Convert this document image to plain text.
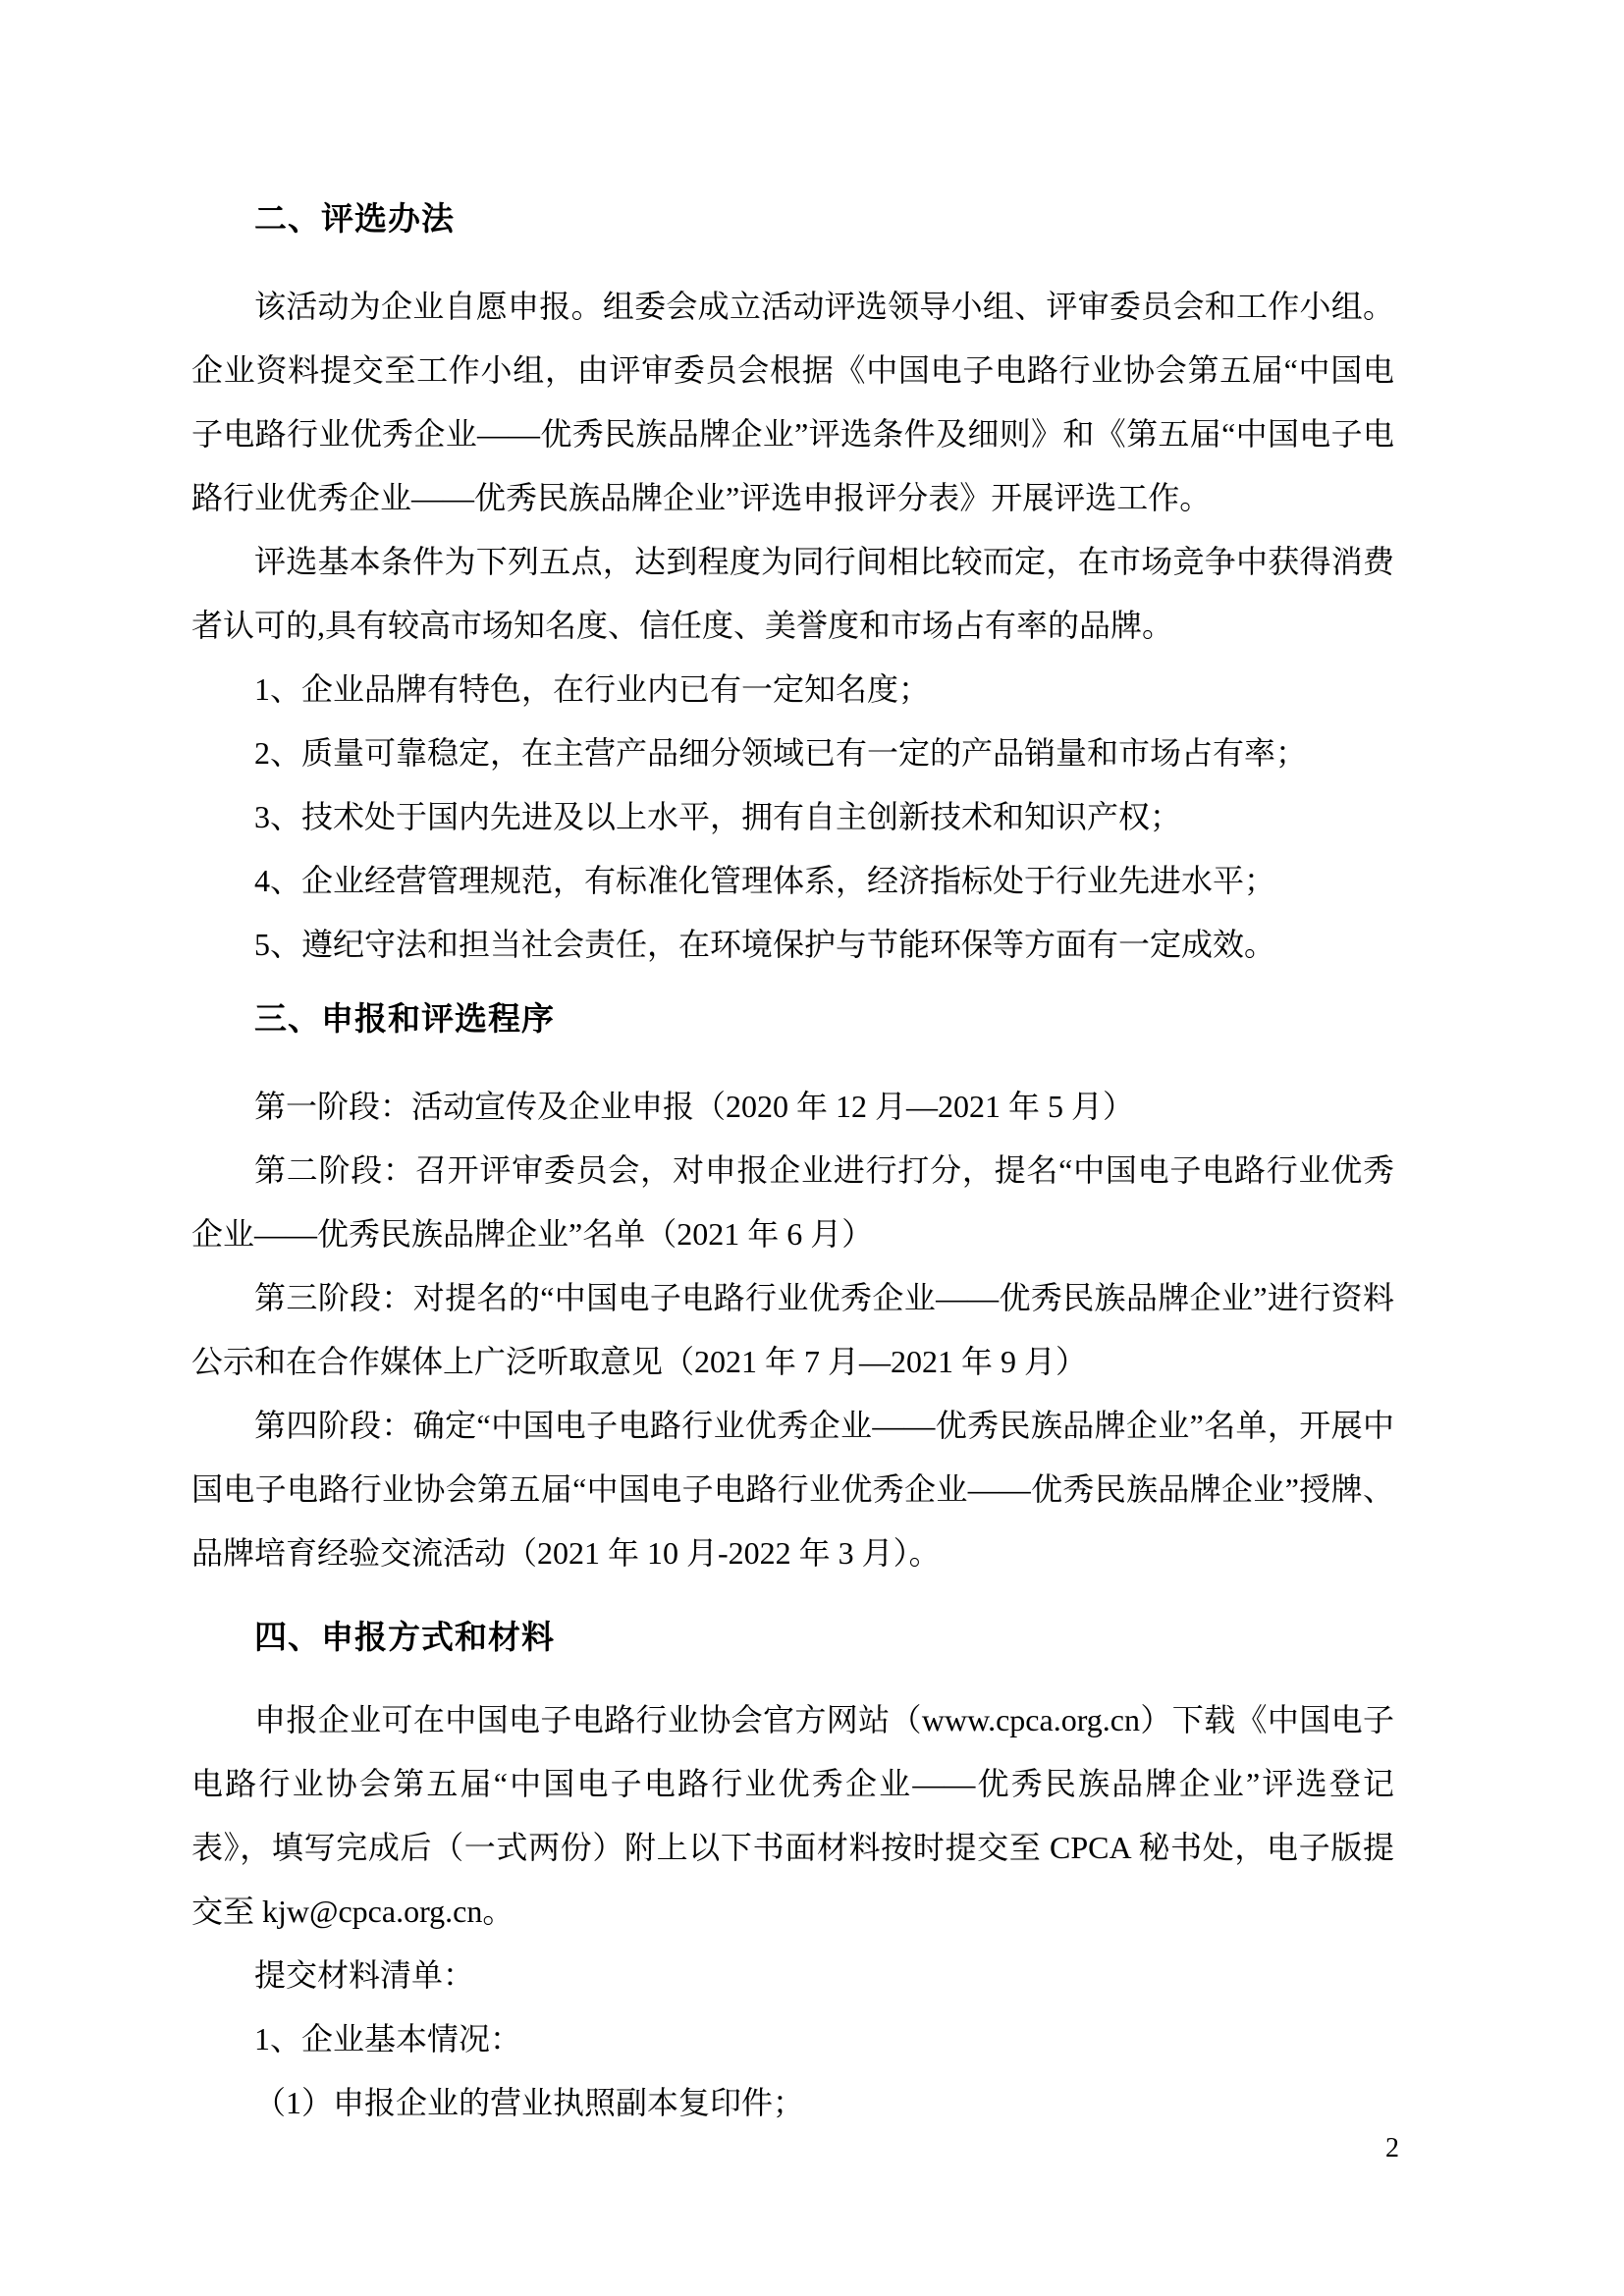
二、评选办法

该活动为企业自愿申报。组委会成立活动评选领导小组、评审委员会和工作小组。企业资料提交至工作小组，由评审委员会根据《中国电子电路行业协会第五届“中国电子电路行业优秀企业——优秀民族品牌企业”评选条件及细则》和《第五届“中国电子电路行业优秀企业——优秀民族品牌企业”评选申报评分表》开展评选工作。

评选基本条件为下列五点，达到程度为同行间相比较而定，在市场竞争中获得消费者认可的,具有较高市场知名度、信任度、美誉度和市场占有率的品牌。

1、企业品牌有特色，在行业内已有一定知名度；

2、质量可靠稳定，在主营产品细分领域已有一定的产品销量和市场占有率；

3、技术处于国内先进及以上水平，拥有自主创新技术和知识产权；

4、企业经营管理规范，有标准化管理体系，经济指标处于行业先进水平；

5、遵纪守法和担当社会责任，在环境保护与节能环保等方面有一定成效。

三、申报和评选程序

第一阶段：活动宣传及企业申报（2020 年 12 月—2021 年 5 月）

第二阶段：召开评审委员会，对申报企业进行打分，提名“中国电子电路行业优秀企业——优秀民族品牌企业”名单（2021 年 6 月）

第三阶段：对提名的“中国电子电路行业优秀企业——优秀民族品牌企业”进行资料公示和在合作媒体上广泛听取意见（2021 年 7 月—2021 年 9 月）

第四阶段：确定“中国电子电路行业优秀企业——优秀民族品牌企业”名单，开展中国电子电路行业协会第五届“中国电子电路行业优秀企业——优秀民族品牌企业”授牌、品牌培育经验交流活动（2021 年 10 月-2022 年 3 月）。

四、申报方式和材料

申报企业可在中国电子电路行业协会官方网站（www.cpca.org.cn）下载《中国电子电路行业协会第五届“中国电子电路行业优秀企业——优秀民族品牌企业”评选登记表》，填写完成后（一式两份）附上以下书面材料按时提交至 CPCA 秘书处，电子版提交至 kjw@cpca.org.cn。

提交材料清单：

1、企业基本情况：

（1）申报企业的营业执照副本复印件；

2
